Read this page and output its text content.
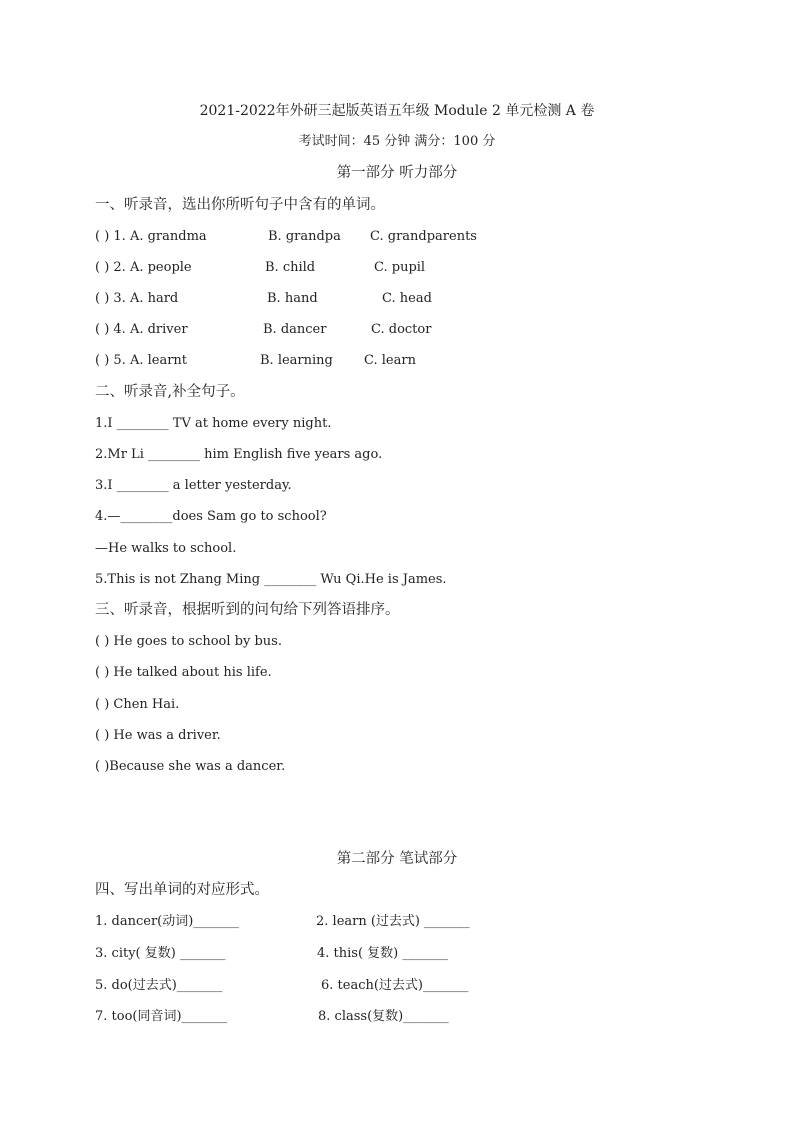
2021-2022年外研三起版英语五年级 Module 2 单元检测 A 卷
考试时间：45 分钟 满分：100 分
第一部分 听力部分
一、听录音，选出你所听句子中含有的单词。
( ) 1. A. grandma	B. grandpa C. grandparents
( ) 2. A. people	B. child	C. pupil
( ) 3. A. hard	B. hand	C. head
( ) 4. A. driver	B. dancer	C. doctor
( ) 5. A. learnt	B. learning C. learn
二、听录音,补全句子。
1.I ________ TV at home every night.
2.Mr Li ________ him English five years ago.
3.I ________ a letter yesterday.
4.—________does Sam go to school?
—He walks to school.
5.This is not Zhang Ming ________ Wu Qi.He is James.
三、听录音，根据听到的问句给下列答语排序。
( ) He goes to school by bus.
( ) He talked about his life.
( ) Chen Hai.
( ) He was a driver.
( )Because she was a dancer.
第二部分 笔试部分
四、写出单词的对应形式。
1. dancer(动词)_______	2. learn (过去式) _______
3. city( 复数) _______	4. this( 复数) _______
5. do(过去式)_______	6. teach(过去式)_______
7. too(同音词)_______	8. class(复数)_______
